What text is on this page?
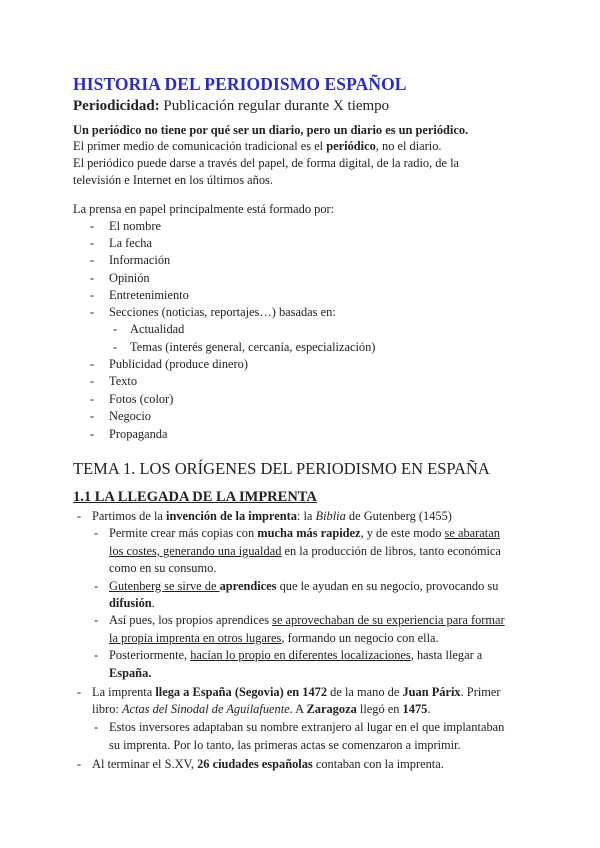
HISTORIA DEL PERIODISMO ESPAÑOL
Periodicidad: Publicación regular durante X tiempo
Un periódico no tiene por qué ser un diario, pero un diario es un periódico.
El primer medio de comunicación tradicional es el periódico, no el diario.
El periódico puede darse a través del papel, de forma digital, de la radio, de la
televisión e Internet en los últimos años.
La prensa en papel principalmente está formado por:
- El nombre
- La fecha
- Información
- Opinión
- Entretenimiento
- Secciones (noticias, reportajes…) basadas en:
- Actualidad
- Temas (interés general, cercanía, especialización)
- Publicidad (produce dinero)
- Texto
- Fotos (color)
- Negocio
- Propaganda
TEMA 1. LOS ORÍGENES DEL PERIODISMO EN ESPAÑA
1.1 LA LLEGADA DE LA IMPRENTA
- Partimos de la invención de la imprenta: la Biblia de Gutenberg (1455)
- Permite crear más copias con mucha más rapidez, y de este modo se abaratan
los costes, generando una igualdad en la producción de libros, tanto económica
como en su consumo.
- Gutenberg se sirve de aprendices que le ayudan en su negocio, provocando su
difusión.
- Así pues, los propios aprendices se aprovechaban de su experiencia para formar
la propia imprenta en otros lugares, formando un negocio con ella.
- Posteriormente, hacían lo propio en diferentes localizaciones, hasta llegar a
España.
- La imprenta llega a España (Segovia) en 1472 de la mano de Juan Párix. Primer
libro: Actas del Sinodal de Aguilafuente. A Zaragoza llegó en 1475.
- Estos inversores adaptaban su nombre extranjero al lugar en el que implantaban
su imprenta. Por lo tanto, las primeras actas se comenzaron a imprimir.
- Al terminar el S.XV, 26 ciudades españolas contaban con la imprenta.
